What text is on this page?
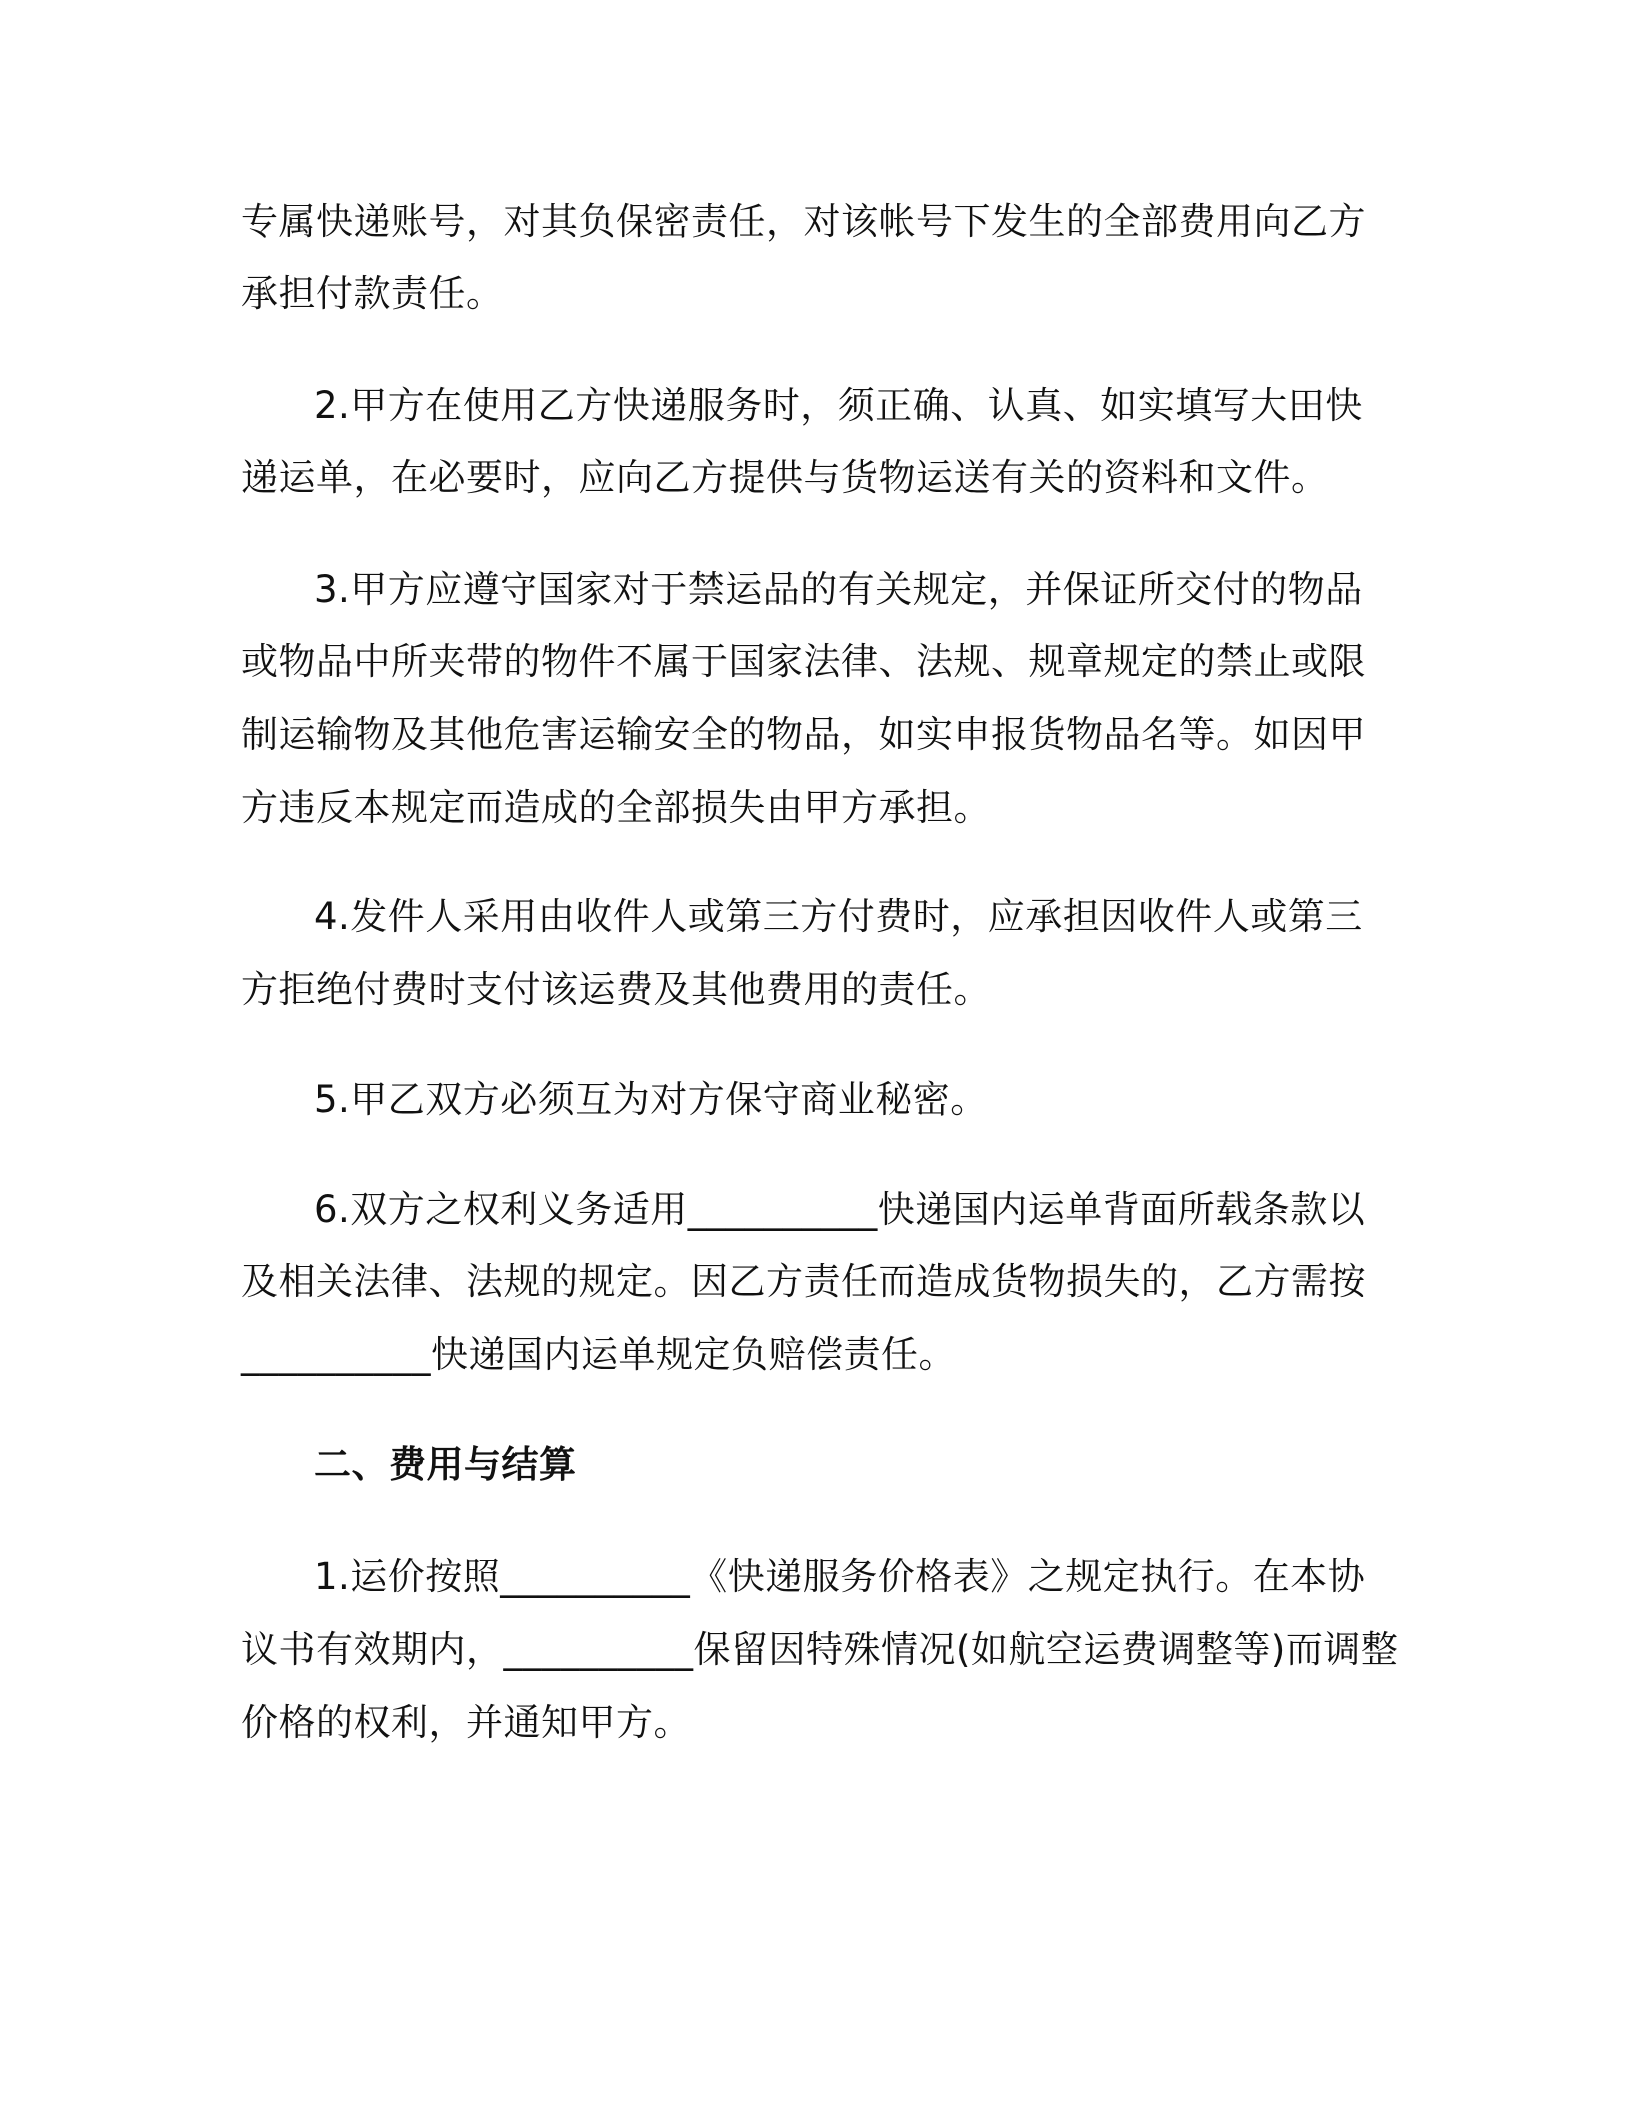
专属快递账号，对其负保密责任，对该帐号下发生的全部费用向乙方
承担付款责任。
2.甲方在使用乙方快递服务时，须正确、认真、如实填写大田快
递运单，在必要时，应向乙方提供与货物运送有关的资料和文件。
3.甲方应遵守国家对于禁运品的有关规定，并保证所交付的物品
或物品中所夹带的物件不属于国家法律、法规、规章规定的禁止或限
制运输物及其他危害运输安全的物品，如实申报货物品名等。如因甲
方违反本规定而造成的全部损失由甲方承担。
4.发件人采用由收件人或第三方付费时，应承担因收件人或第三
方拒绝付费时支付该运费及其他费用的责任。
5.甲乙双方必须互为对方保守商业秘密。
6.双方之权利义务适用__________快递国内运单背面所载条款以
及相关法律、法规的规定。因乙方责任而造成货物损失的，乙方需按
__________快递国内运单规定负赔偿责任。
二、费用与结算
1.运价按照__________《快递服务价格表》之规定执行。在本协
议书有效期内，__________保留因特殊情况(如航空运费调整等)而调整
价格的权利，并通知甲方。
